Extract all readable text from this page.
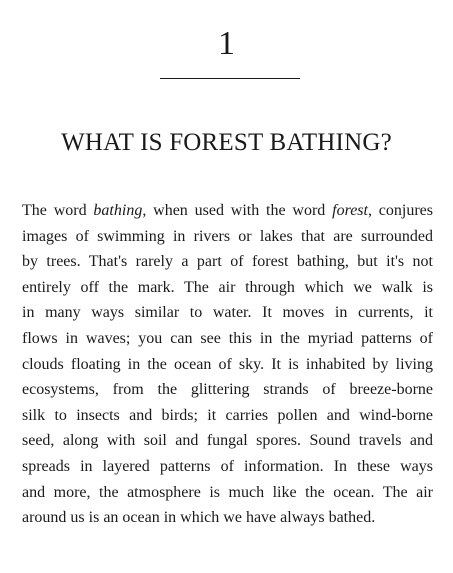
1
WHAT IS FOREST BATHING?
The word bathing, when used with the word forest, conjures
images of swimming in rivers or lakes that are surrounded
by trees. That's rarely a part of forest bathing, but it's not
entirely off the mark. The air through which we walk is
in many ways similar to water. It moves in currents, it
flows in waves; you can see this in the myriad patterns of
clouds floating in the ocean of sky. It is inhabited by living
ecosystems, from the glittering strands of breeze-borne
silk to insects and birds; it carries pollen and wind-borne
seed, along with soil and fungal spores. Sound travels and
spreads in layered patterns of information. In these ways
and more, the atmosphere is much like the ocean. The air
around us is an ocean in which we have always bathed.
